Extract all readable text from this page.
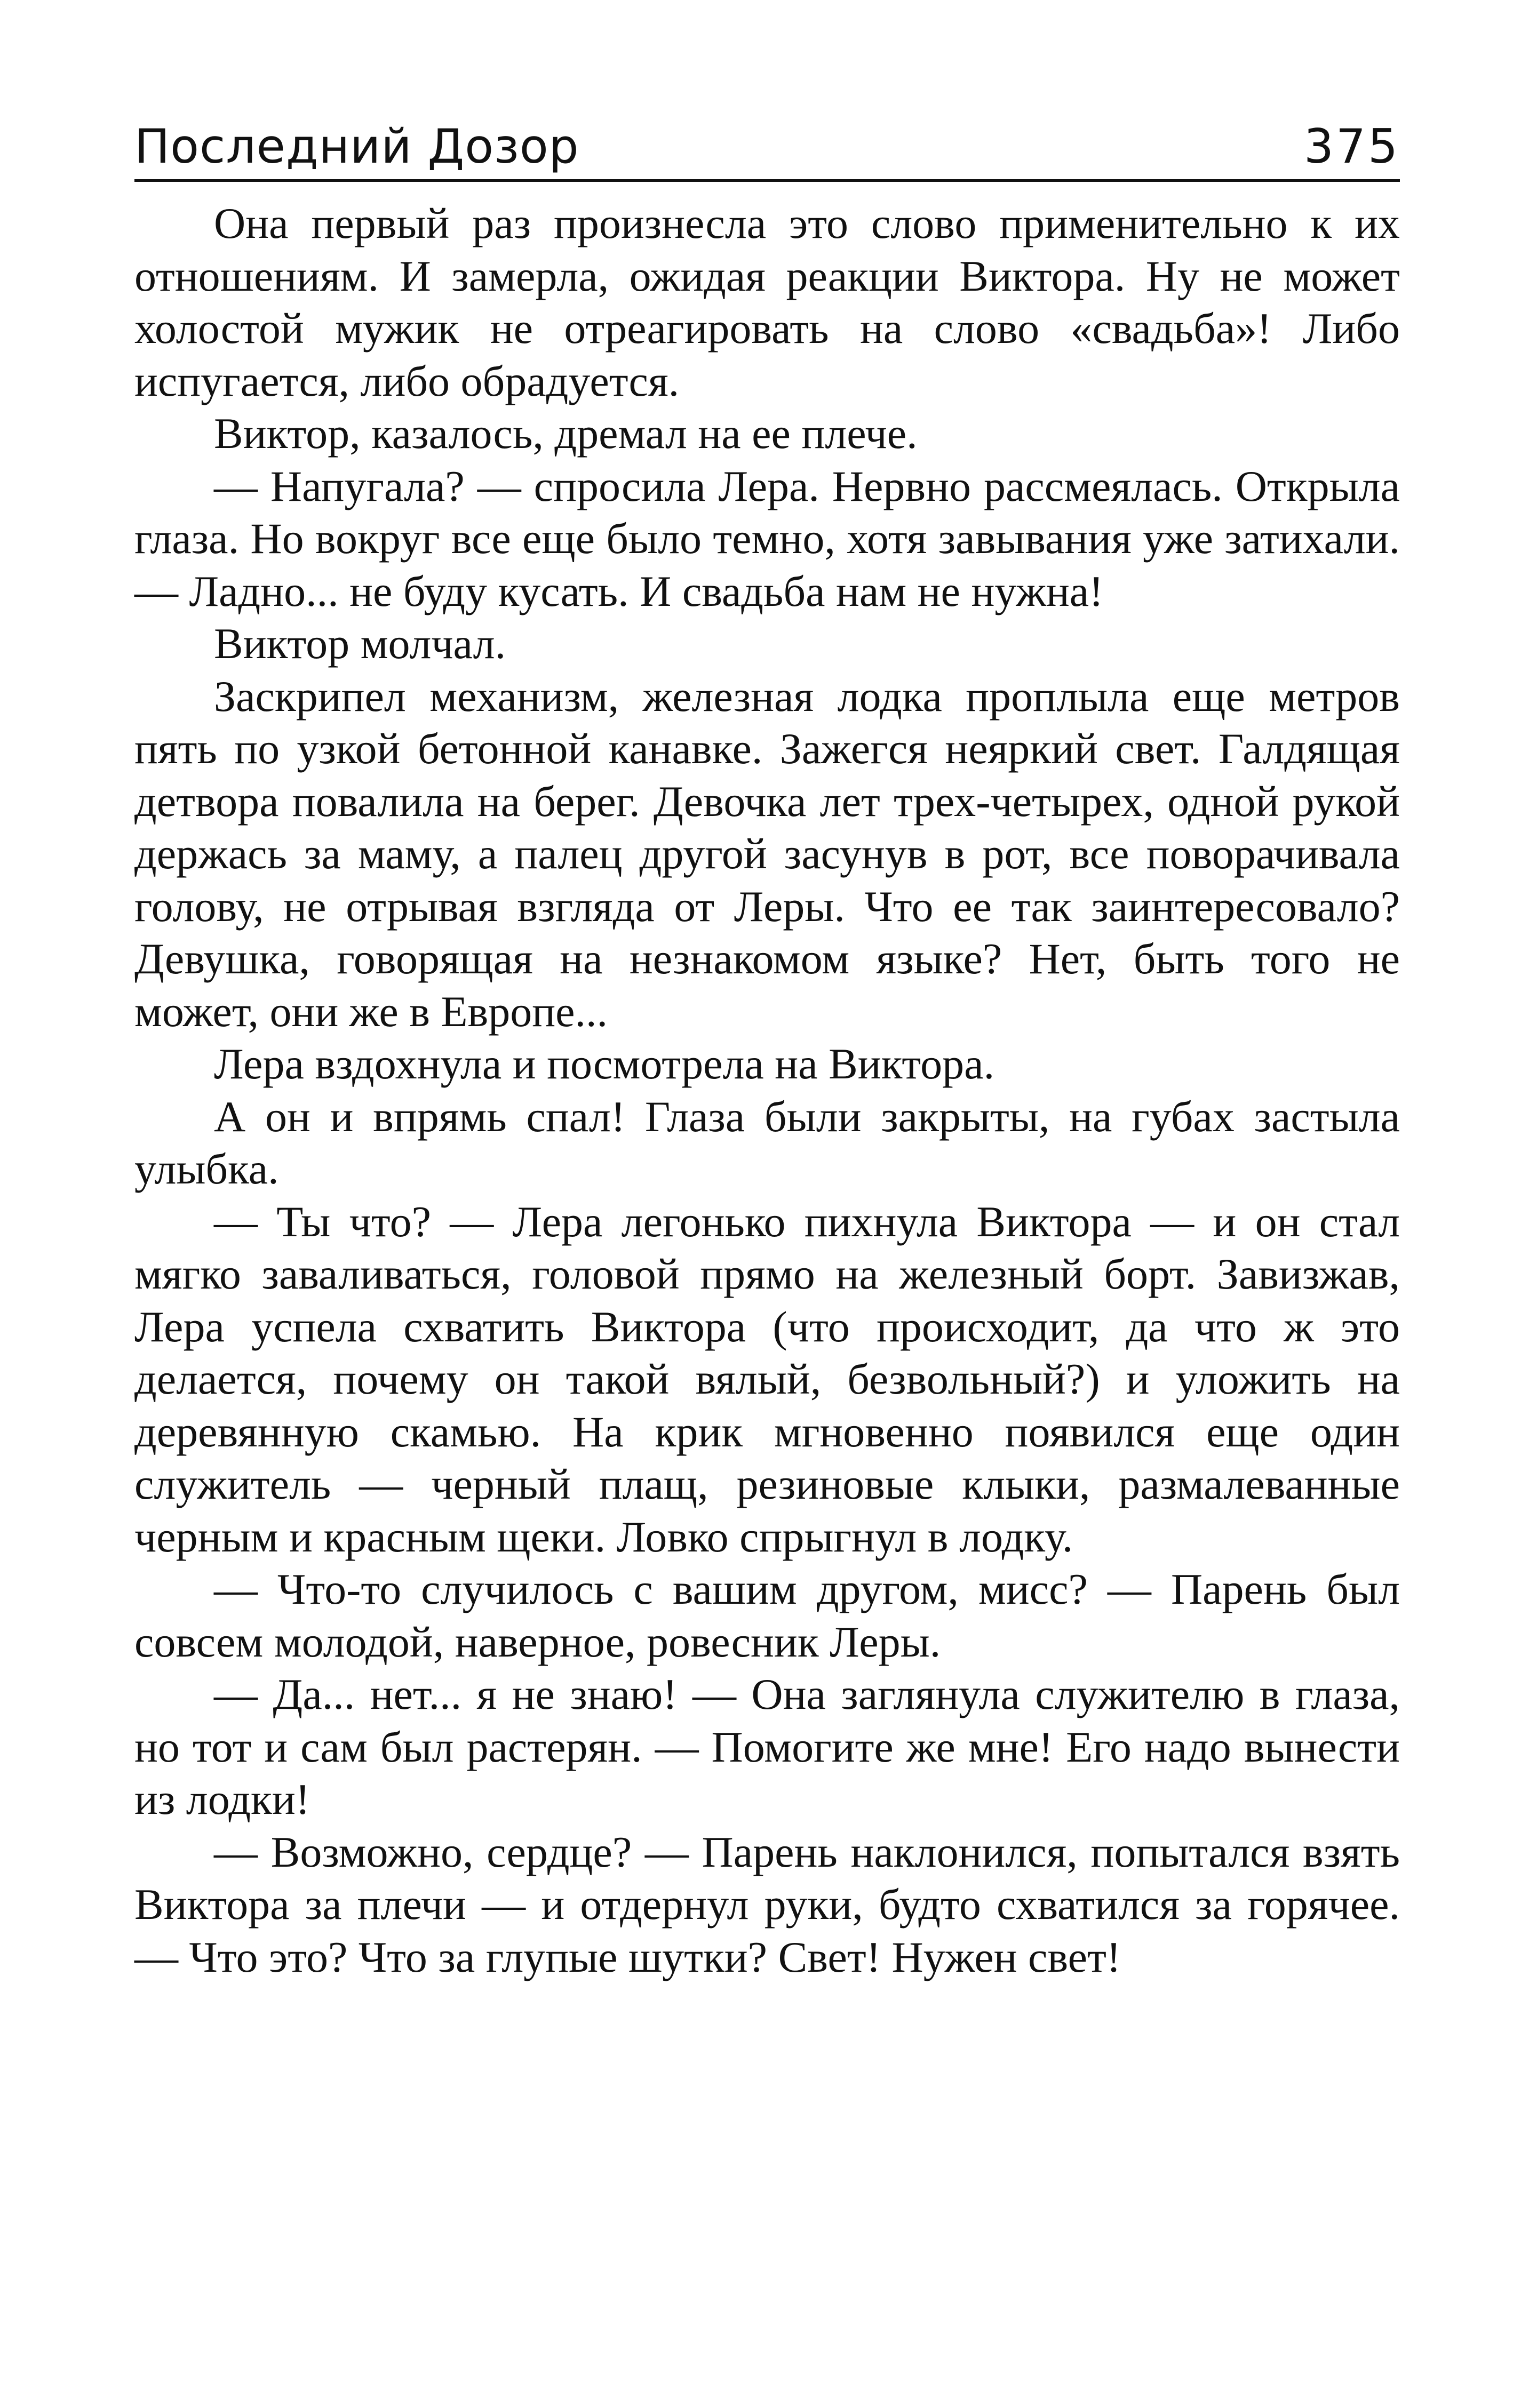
Последний Дозор	375

Она первый раз произнесла это слово применительно к их отношениям. И замерла, ожидая реакции Виктора. Ну не может холостой мужик не отреагировать на слово «свадьба»! Либо испугается, либо обрадуется.

Виктор, казалось, дремал на ее плече.

— Напугала? — спросила Лера. Нервно рассмеялась. Открыла глаза. Но вокруг все еще было темно, хотя завывания уже затихали. — Ладно... не буду кусать. И свадьба нам не нужна!

Виктор молчал.

Заскрипел механизм, железная лодка проплыла еще метров пять по узкой бетонной канавке. Зажегся неяркий свет. Галдящая детвора повалила на берег. Девочка лет трех-четырех, одной рукой держась за маму, а палец другой засунув в рот, все поворачивала голову, не отрывая взгляда от Леры. Что ее так заинтересовало? Девушка, говорящая на незнакомом языке? Нет, быть того не может, они же в Европе...

Лера вздохнула и посмотрела на Виктора.

А он и впрямь спал! Глаза были закрыты, на губах застыла улыбка.

— Ты что? — Лера легонько пихнула Виктора — и он стал мягко заваливаться, головой прямо на железный борт. Завизжав, Лера успела схватить Виктора (что происходит, да что ж это делается, почему он такой вялый, безвольный?) и уложить на деревянную скамью. На крик мгновенно появился еще один служитель — черный плащ, резиновые клыки, размалеванные черным и красным щеки. Ловко спрыгнул в лодку.

— Что-то случилось с вашим другом, мисс? — Парень был совсем молодой, наверное, ровесник Леры.

— Да... нет... я не знаю! — Она заглянула служителю в глаза, но тот и сам был растерян. — Помогите же мне! Его надо вынести из лодки!

— Возможно, сердце? — Парень наклонился, попытался взять Виктора за плечи — и отдернул руки, будто схватился за горячее. — Что это? Что за глупые шутки? Свет! Нужен свет!
